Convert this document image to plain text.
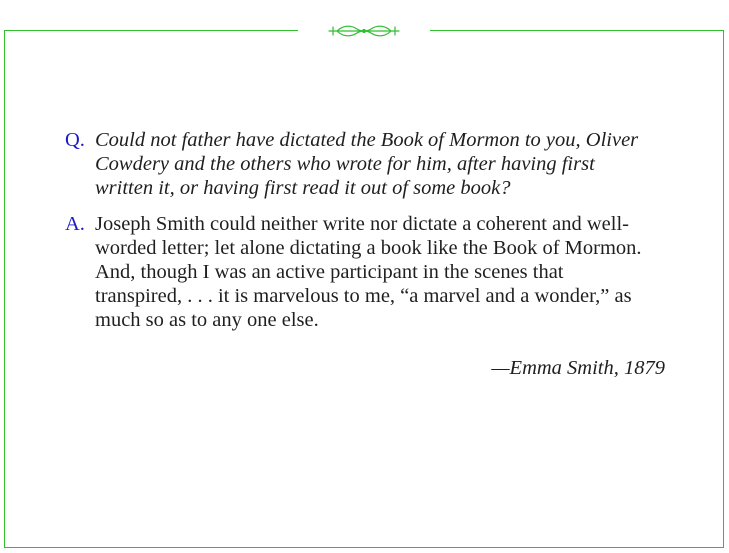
Q. Could not father have dictated the Book of Mormon to you, Oliver Cowdery and the others who wrote for him, after having first written it, or having first read it out of some book?
A. Joseph Smith could neither write nor dictate a coherent and well-worded letter; let alone dictating a book like the Book of Mormon. And, though I was an active participant in the scenes that transpired, . . . it is marvelous to me, “a marvel and a wonder,” as much so as to any one else.
—Emma Smith, 1879
